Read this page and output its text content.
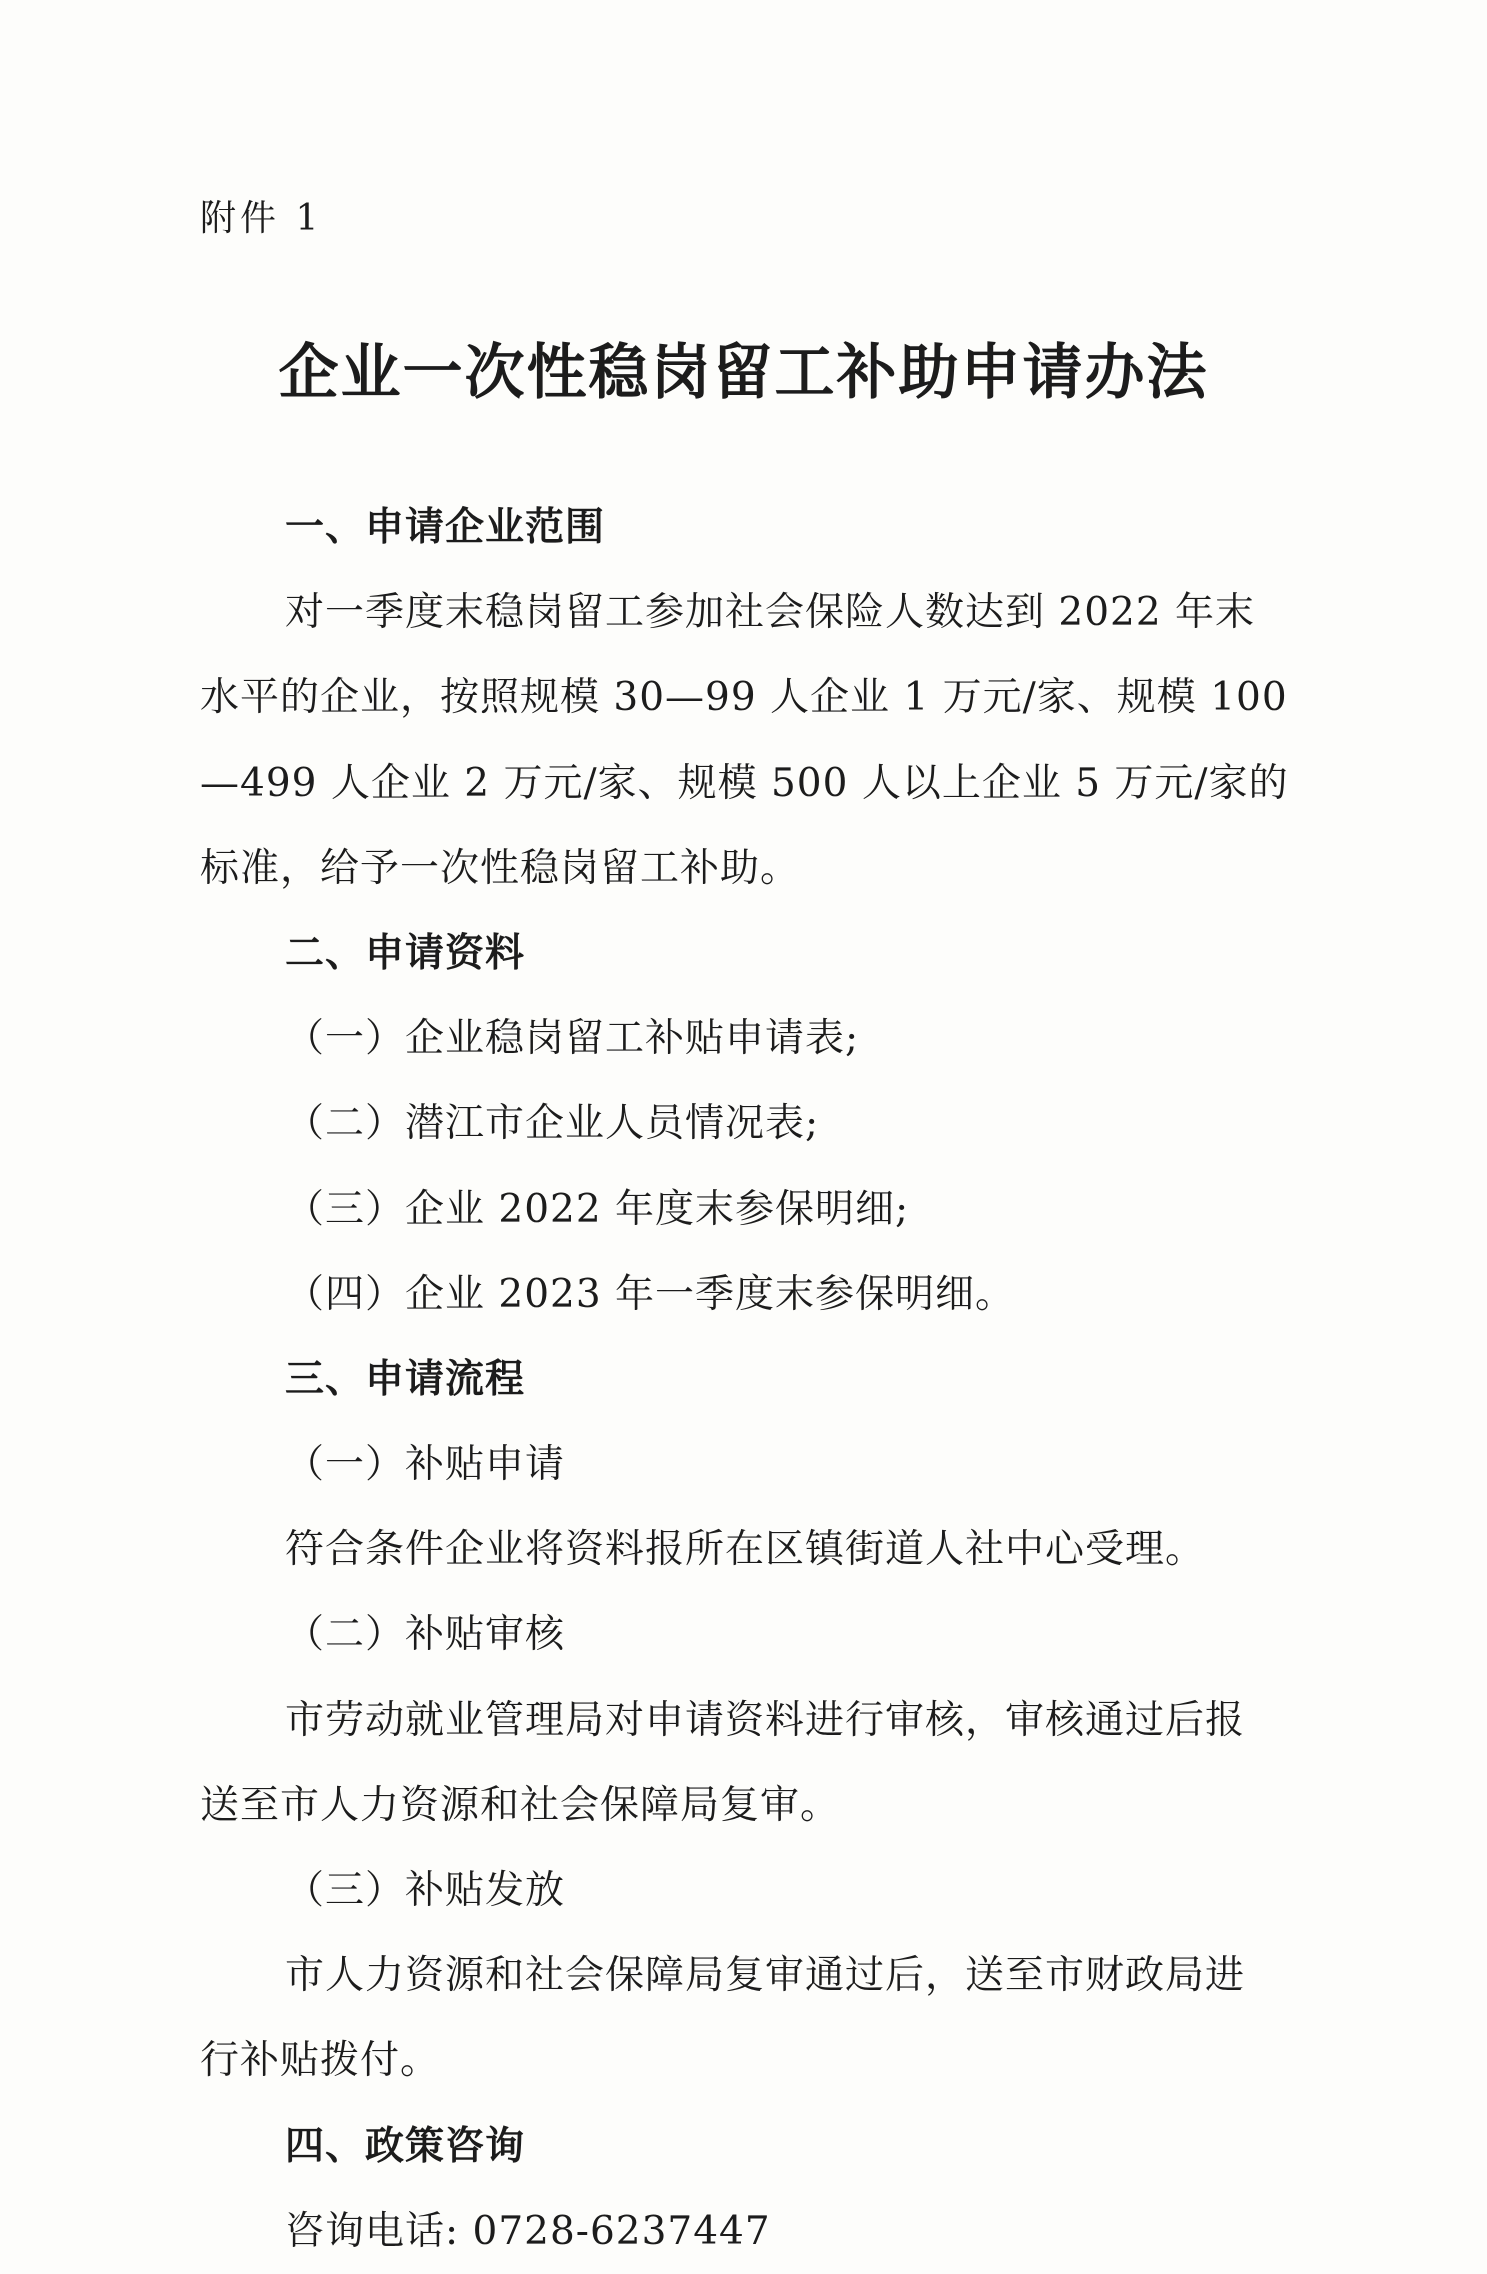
附件 1
企业一次性稳岗留工补助申请办法
一、申请企业范围
对一季度末稳岗留工参加社会保险人数达到 2022 年末
水平的企业，按照规模 30—99 人企业 1 万元/家、规模 100
—499 人企业 2 万元/家、规模 500 人以上企业 5 万元/家的
标准，给予一次性稳岗留工补助。
二、申请资料
（一）企业稳岗留工补贴申请表;
（二）潜江市企业人员情况表;
（三）企业 2022 年度末参保明细;
（四）企业 2023 年一季度末参保明细。
三、申请流程
（一）补贴申请
符合条件企业将资料报所在区镇街道人社中心受理。
（二）补贴审核
市劳动就业管理局对申请资料进行审核，审核通过后报
送至市人力资源和社会保障局复审。
（三）补贴发放
市人力资源和社会保障局复审通过后，送至市财政局进
行补贴拨付。
四、政策咨询
咨询电话: 0728-6237447
